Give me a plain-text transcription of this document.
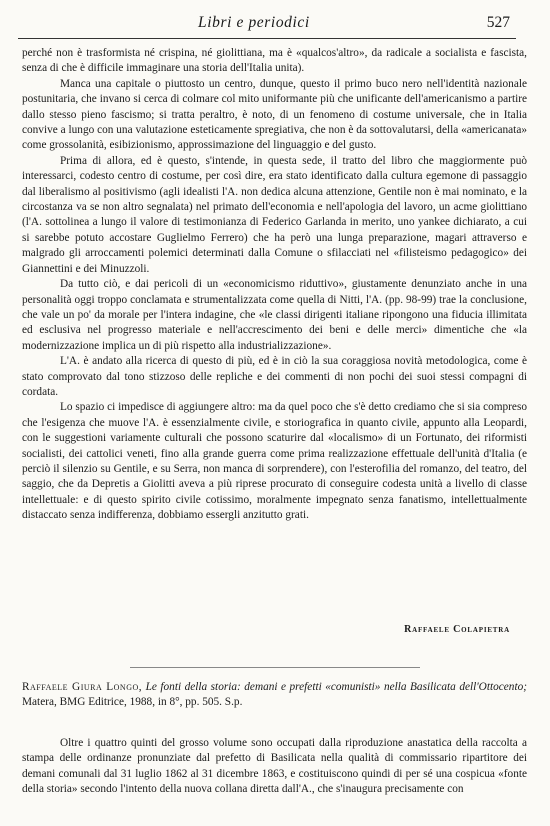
Libri e periodici	527

perché non è trasformista né crispina, né giolittiana, ma è «qualcos'altro», da radicale a socialista e fascista, senza di che è difficile immaginare una storia dell'Italia unita).

Manca una capitale o piuttosto un centro, dunque, questo il primo buco nero nell'identità nazionale postunitaria, che invano si cerca di colmare col mito uniformante più che unificante dell'americanismo a partire dallo stesso pieno fascismo; si tratta peraltro, è noto, di un fenomeno di costume universale, che in Italia convive a lungo con una valutazione esteticamente spregiativa, che non è da sottovalutarsi, della «americanata» come grossolanità, esibizionismo, approssimazione del linguaggio e del gusto.

Prima di allora, ed è questo, s'intende, in questa sede, il tratto del libro che maggiormente può interessarci, codesto centro di costume, per così dire, era stato identificato dalla cultura egemone di passaggio dal liberalismo al positivismo (agli idealisti l'A. non dedica alcuna attenzione, Gentile non è mai nominato, e la circostanza va se non altro segnalata) nel primato dell'economia e nell'apologia del lavoro, un acme giolittiano (l'A. sottolinea a lungo il valore di testimonianza di Federico Garlanda in merito, uno yankee dichiarato, a cui si sarebbe potuto accostare Guglielmo Ferrero) che ha però una lunga preparazione, magari attraverso e malgrado gli arroccamenti polemici determinati dalla Comune o sfilacciati nel «filisteismo pedagogico» dei Giannettini e dei Minuzzoli.

Da tutto ciò, e dai pericoli di un «economicismo riduttivo», giustamente denunziato anche in una personalità oggi troppo conclamata e strumentalizzata come quella di Nitti, l'A. (pp. 98-99) trae la conclusione, che vale un po' da morale per l'intera indagine, che «le classi dirigenti italiane ripongono una fiducia illimitata ed esclusiva nel progresso materiale e nell'accrescimento dei beni e delle merci» dimentiche che «la modernizzazione implica un di più rispetto alla industrializzazione».

L'A. è andato alla ricerca di questo di più, ed è in ciò la sua coraggiosa novità metodologica, come è stato comprovato dal tono stizzoso delle repliche e dei commenti di non pochi dei suoi stessi compagni di cordata.

Lo spazio ci impedisce di aggiungere altro: ma da quel poco che s'è detto crediamo che si sia compreso che l'esigenza che muove l'A. è essenzialmente civile, e storiografica in quanto civile, appunto alla Leopardi, con le suggestioni variamente culturali che possono scaturire dal «localismo» di un Fortunato, dei riformisti socialisti, dei cattolici veneti, fino alla grande guerra come prima realizzazione effettuale dell'unità d'Italia (e perciò il silenzio su Gentile, e su Serra, non manca di sorprendere), con l'esterofilia del romanzo, del teatro, del saggio, che da Depretis a Giolitti aveva a più riprese procurato di conseguire codesta unità a livello di classe intellettuale: e di questo spirito civile cotissimo, moralmente impegnato senza fanatismo, intellettualmente distaccato senza indifferenza, dobbiamo essergli anzitutto grati.

Raffaele Colapietra

Raffaele Giura Longo, Le fonti della storia: demani e prefetti «comunisti» nella Basilicata dell'Ottocento; Matera, BMG Editrice, 1988, in 8°, pp. 505. S.p.

Oltre i quattro quinti del grosso volume sono occupati dalla riproduzione anastatica della raccolta a stampa delle ordinanze pronunziate dal prefetto di Basilicata nella qualità di commissario ripartitore dei demani comunali dal 31 luglio 1862 al 31 dicembre 1863, e costituiscono quindi di per sé una cospicua «fonte della storia» secondo l'intento della nuova collana diretta dall'A., che s'inaugura precisamente con
